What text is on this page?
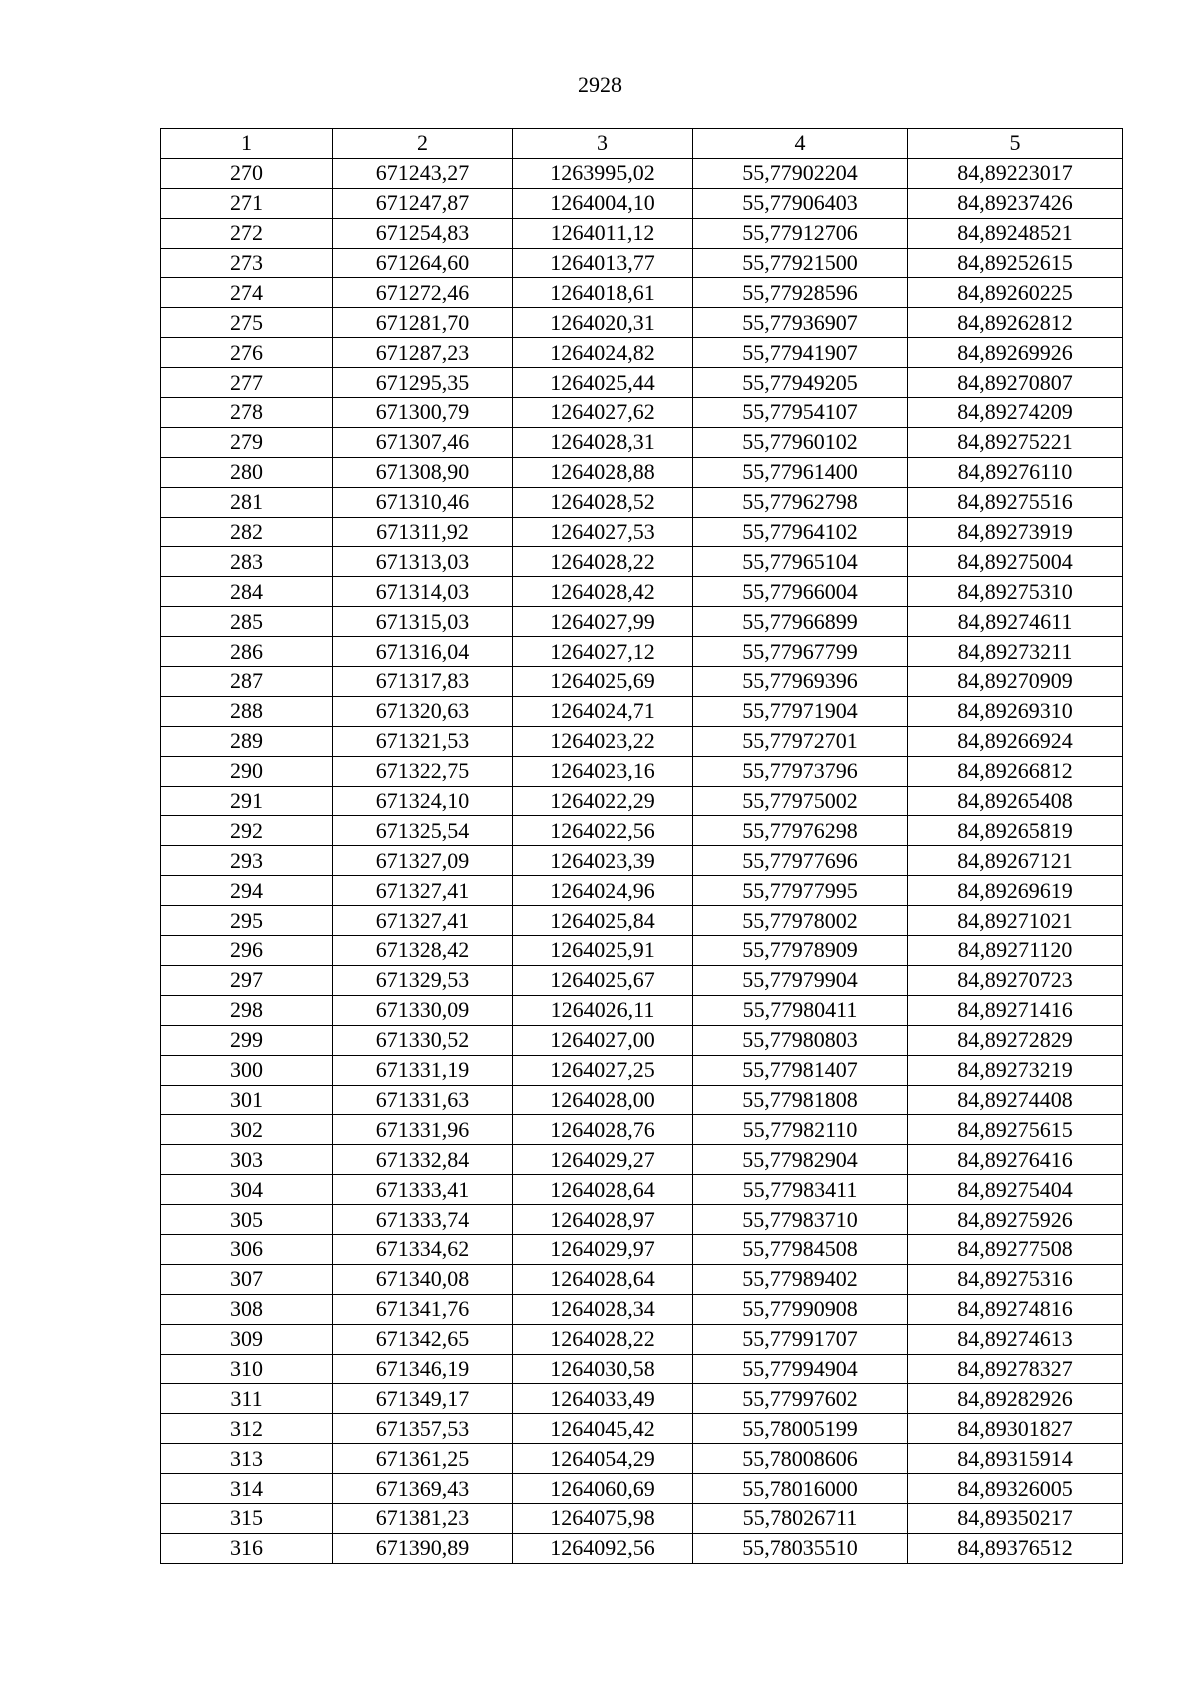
2928
1	2	3	4	5
270	671243,27	1263995,02	55,77902204	84,89223017
271	671247,87	1264004,10	55,77906403	84,89237426
272	671254,83	1264011,12	55,77912706	84,89248521
273	671264,60	1264013,77	55,77921500	84,89252615
274	671272,46	1264018,61	55,77928596	84,89260225
275	671281,70	1264020,31	55,77936907	84,89262812
276	671287,23	1264024,82	55,77941907	84,89269926
277	671295,35	1264025,44	55,77949205	84,89270807
278	671300,79	1264027,62	55,77954107	84,89274209
279	671307,46	1264028,31	55,77960102	84,89275221
280	671308,90	1264028,88	55,77961400	84,89276110
281	671310,46	1264028,52	55,77962798	84,89275516
282	671311,92	1264027,53	55,77964102	84,89273919
283	671313,03	1264028,22	55,77965104	84,89275004
284	671314,03	1264028,42	55,77966004	84,89275310
285	671315,03	1264027,99	55,77966899	84,89274611
286	671316,04	1264027,12	55,77967799	84,89273211
287	671317,83	1264025,69	55,77969396	84,89270909
288	671320,63	1264024,71	55,77971904	84,89269310
289	671321,53	1264023,22	55,77972701	84,89266924
290	671322,75	1264023,16	55,77973796	84,89266812
291	671324,10	1264022,29	55,77975002	84,89265408
292	671325,54	1264022,56	55,77976298	84,89265819
293	671327,09	1264023,39	55,77977696	84,89267121
294	671327,41	1264024,96	55,77977995	84,89269619
295	671327,41	1264025,84	55,77978002	84,89271021
296	671328,42	1264025,91	55,77978909	84,89271120
297	671329,53	1264025,67	55,77979904	84,89270723
298	671330,09	1264026,11	55,77980411	84,89271416
299	671330,52	1264027,00	55,77980803	84,89272829
300	671331,19	1264027,25	55,77981407	84,89273219
301	671331,63	1264028,00	55,77981808	84,89274408
302	671331,96	1264028,76	55,77982110	84,89275615
303	671332,84	1264029,27	55,77982904	84,89276416
304	671333,41	1264028,64	55,77983411	84,89275404
305	671333,74	1264028,97	55,77983710	84,89275926
306	671334,62	1264029,97	55,77984508	84,89277508
307	671340,08	1264028,64	55,77989402	84,89275316
308	671341,76	1264028,34	55,77990908	84,89274816
309	671342,65	1264028,22	55,77991707	84,89274613
310	671346,19	1264030,58	55,77994904	84,89278327
311	671349,17	1264033,49	55,77997602	84,89282926
312	671357,53	1264045,42	55,78005199	84,89301827
313	671361,25	1264054,29	55,78008606	84,89315914
314	671369,43	1264060,69	55,78016000	84,89326005
315	671381,23	1264075,98	55,78026711	84,89350217
316	671390,89	1264092,56	55,78035510	84,89376512
